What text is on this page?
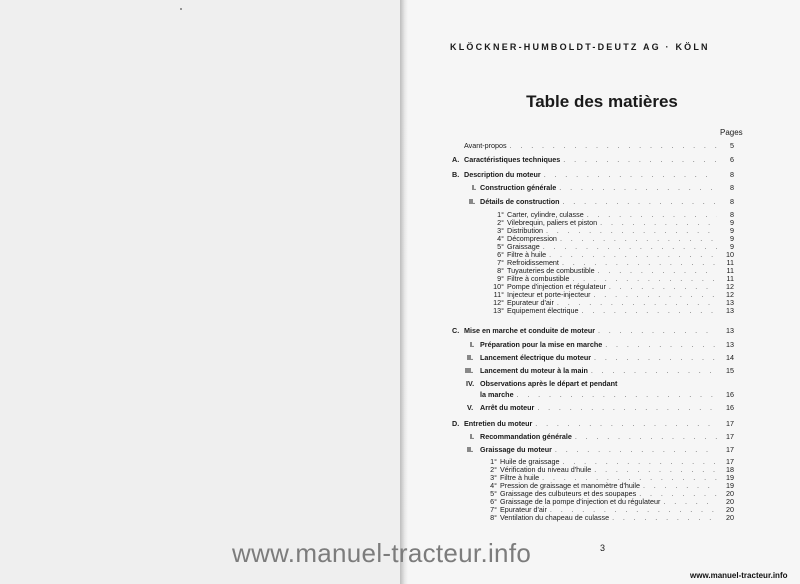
KLÖCKNER-HUMBOLDT-DEUTZ AG · KÖLN
Table des matières
Pages
Avant-propos . . .	5
A. Caractéristiques techniques . . .	6
B. Description du moteur . . .	8
I. Construction générale . . .	8
II. Détails de construction . . .	8
1° Carter, cylindre, culasse . . .	8
2° Vilebrequin, paliers et piston . . .	9
3° Distribution . . .	9
4° Décompression . . .	9
5° Graissage . . .	9
6° Filtre à huile . . .	10
7° Refroidissement . . .	11
8° Tuyauteries de combustible . . .	11
9° Filtre à combustible . . .	11
10° Pompe d'injection et régulateur . . .	12
11° Injecteur et porte-injecteur . . .	12
12° Epurateur d'air . . .	13
13° Equipement électrique . . .	13
C. Mise en marche et conduite de moteur . . .	13
I. Préparation pour la mise en marche . . .	13
II. Lancement électrique du moteur . . .	14
III. Lancement du moteur à la main . . .	15
IV. Observations après le départ et pendant
la marche . . .	16
V. Arrêt du moteur . . .	16
D. Entretien du moteur . . .	17
I. Recommandation générale . . .	17
II. Graissage du moteur . . .	17
1° Huile de graissage . . .	17
2° Vérification du niveau d'huile . . .	18
3° Filtre à huile . . .	19
4° Pression de graissage et manomètre d'huile . . .	19
5° Graissage des culbuteurs et des soupapes . . .	20
6° Graissage de la pompe d'injection et du régulateur . . .	20
7° Epurateur d'air . . .	20
8° Ventilation du chapeau de culasse . . .	20
3
www.manuel-tracteur.info
www.manuel-tracteur.info
